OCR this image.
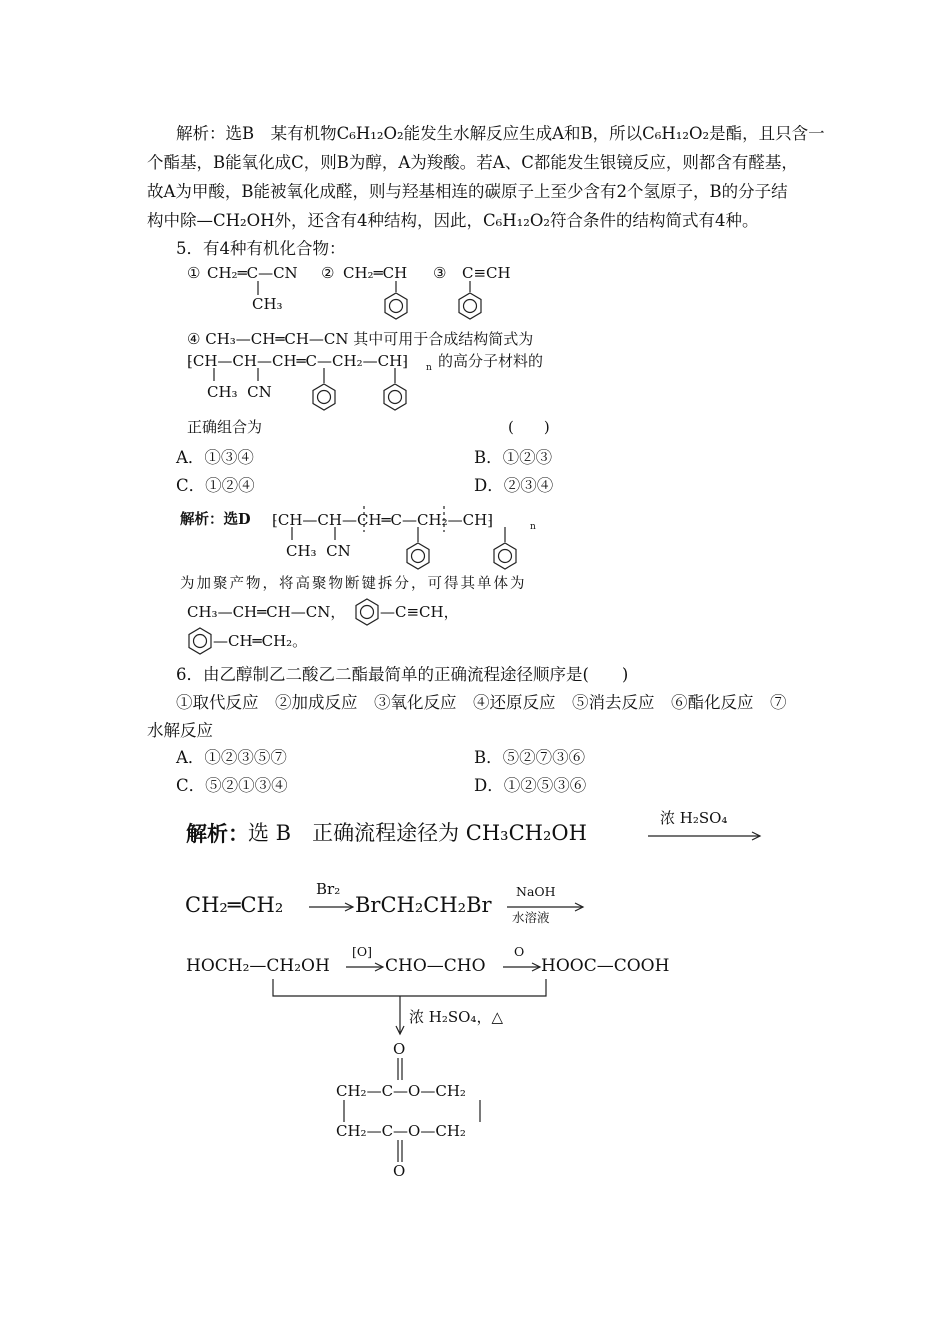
解析：选B　某有机物C₆H₁₂O₂能发生水解反应生成A和B，所以C₆H₁₂O₂是酯，且只含一
个酯基，B能氧化成C，则B为醇，A为羧酸。若A、C都能发生银镜反应，则都含有醛基，
故A为甲酸，B能被氧化成醛，则与羟基相连的碳原子上至少含有2个氢原子，B的分子结
构中除—CH₂OH外，还含有4种结构，因此，C₆H₁₂O₂符合条件的结构简式有4种。
5．有4种有机化合物：
① CH₂═C—CN
CH₃
② CH₂═CH ③ C≡CH
④ CH₃—CH═CH—CN 其中可用于合成结构简式为
⁅CH—CH—CH═C—CH₂—CH⁆ n 的高分子材料的
CH₃  CN
正确组合为	(　　)
A．①③④	B．①②③
C．①②④	D．②③④
解析：选D ⁅CH—CH—CH═C—CH₂—CH⁆	n
CH₃  CN
为加聚产物，将高聚物断键拆分，可得其单体为
CH₃—CH═CH—CN， —C≡CH，
—CH═CH₂。
6．由乙醇制乙二酸乙二酯最简单的正确流程途径顺序是(　　)
①取代反应　②加成反应　③氧化反应　④还原反应　⑤消去反应　⑥酯化反应　⑦
水解反应
A．①②③⑤⑦	B．⑤②⑦③⑥
C．⑤②①③④	D．①②⑤③⑥
解析： 选 B　正确流程途径为 CH₃CH₂OH
浓 H₂SO₄
CH₂═CH₂
Br₂
BrCH₂CH₂Br
NaOH
水溶液
HOCH₂—CH₂OH
[O]
CHO—CHO
O
HOOC—COOH
浓 H₂SO₄，△
O
CH₂—C—O—CH₂
CH₂—C—O—CH₂
O
